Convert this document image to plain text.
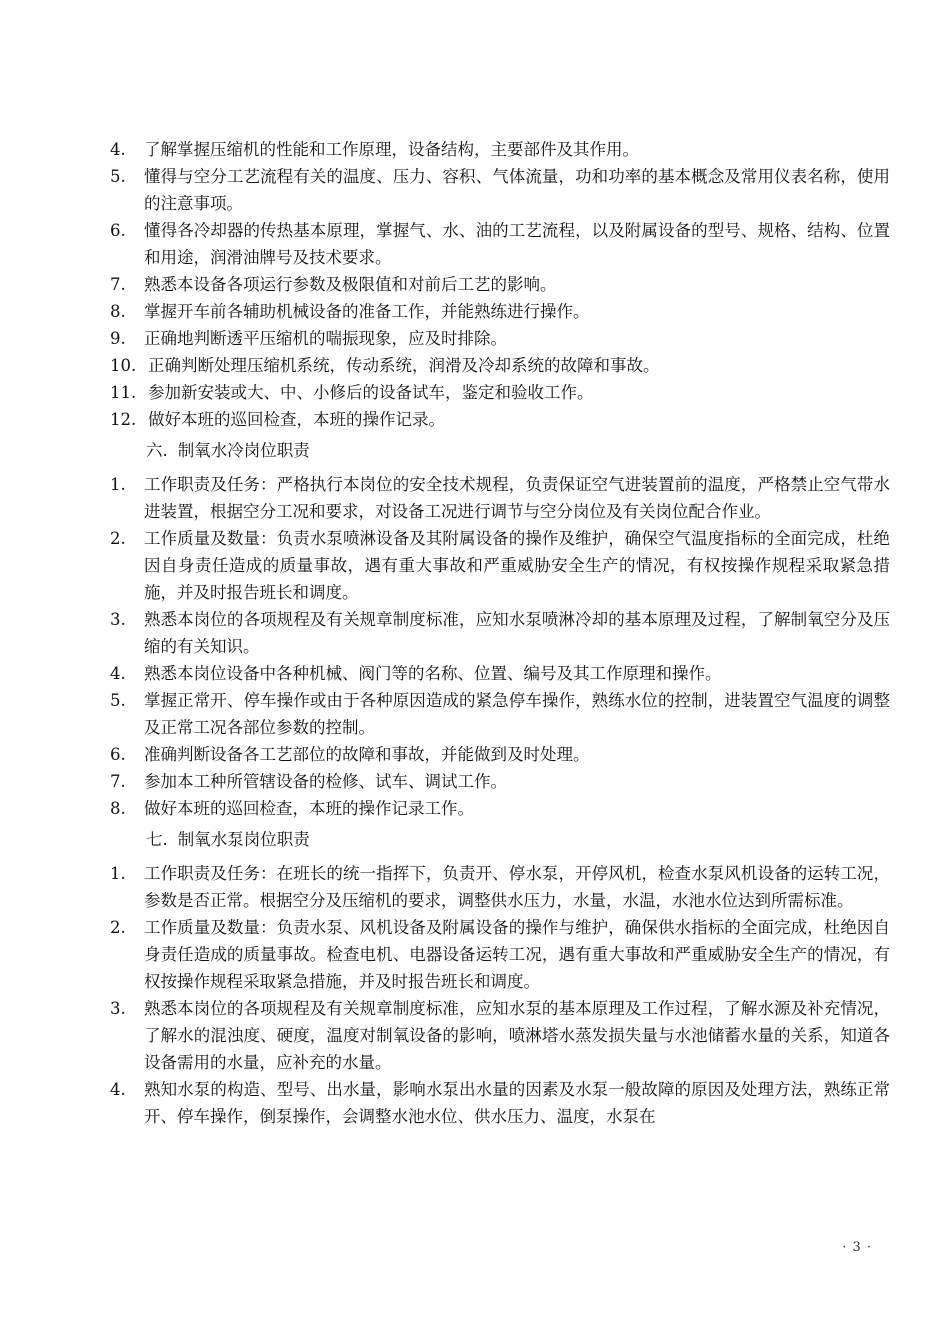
4.	了解掌握压缩机的性能和工作原理，设备结构，主要部件及其作用。
5.	懂得与空分工艺流程有关的温度、压力、容积、气体流量，功和功率的基本概念及常用仪表名称，使用的注意事项。
6.	懂得各冷却器的传热基本原理，掌握气、水、油的工艺流程，以及附属设备的型号、规格、结构、位置和用途，润滑油牌号及技术要求。
7.	熟悉本设备各项运行参数及极限值和对前后工艺的影响。
8.	掌握开车前各辅助机械设备的准备工作，并能熟练进行操作。
9.	正确地判断透平压缩机的喘振现象，应及时排除。
10. 正确判断处理压缩机系统，传动系统，润滑及冷却系统的故障和事故。
11. 参加新安装或大、中、小修后的设备试车，鉴定和验收工作。
12. 做好本班的巡回检查，本班的操作记录。
六. 制氧水冷岗位职责
1.	工作职责及任务：严格执行本岗位的安全技术规程，负责保证空气进装置前的温度，严格禁止空气带水进装置，根据空分工况和要求，对设备工况进行调节与空分岗位及有关岗位配合作业。
2.	工作质量及数量：负责水泵喷淋设备及其附属设备的操作及维护，确保空气温度指标的全面完成，杜绝因自身责任造成的质量事故，遇有重大事故和严重威胁安全生产的情况，有权按操作规程采取紧急措施，并及时报告班长和调度。
3.	熟悉本岗位的各项规程及有关规章制度标准，应知水泵喷淋冷却的基本原理及过程，了解制氧空分及压缩的有关知识。
4.	熟悉本岗位设备中各种机械、阀门等的名称、位置、编号及其工作原理和操作。
5.	掌握正常开、停车操作或由于各种原因造成的紧急停车操作，熟练水位的控制，进装置空气温度的调整及正常工况各部位参数的控制。
6.	准确判断设备各工艺部位的故障和事故，并能做到及时处理。
7.	参加本工种所管辖设备的检修、试车、调试工作。
8.	做好本班的巡回检查，本班的操作记录工作。
七. 制氧水泵岗位职责
1.	工作职责及任务：在班长的统一指挥下，负责开、停水泵，开停风机，检查水泵风机设备的运转工况，参数是否正常。根据空分及压缩机的要求，调整供水压力，水量，水温，水池水位达到所需标准。
2.	工作质量及数量：负责水泵、风机设备及附属设备的操作与维护，确保供水指标的全面完成，杜绝因自身责任造成的质量事故。检查电机、电器设备运转工况，遇有重大事故和严重威胁安全生产的情况，有权按操作规程采取紧急措施，并及时报告班长和调度。
3.	熟悉本岗位的各项规程及有关规章制度标准，应知水泵的基本原理及工作过程，了解水源及补充情况，了解水的混浊度、硬度，温度对制氧设备的影响，喷淋塔水蒸发损失量与水池储蓄水量的关系，知道各设备需用的水量，应补充的水量。
4.	熟知水泵的构造、型号、出水量，影响水泵出水量的因素及水泵一般故障的原因及处理方法，熟练正常开、停车操作，倒泵操作，会调整水池水位、供水压力、温度，水泵在
· 3 ·
